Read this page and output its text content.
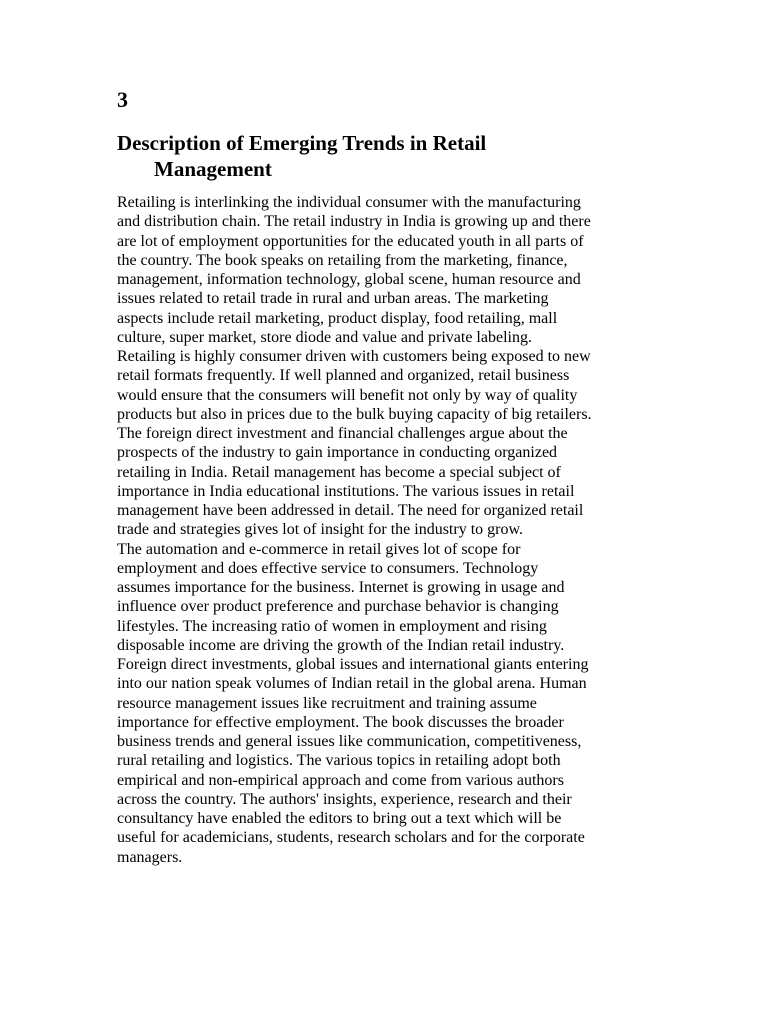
3
Description of Emerging Trends in Retail
Management
Retailing is interlinking the individual consumer with the manufacturing
and distribution chain. The retail industry in India is growing up and there
are lot of employment opportunities for the educated youth in all parts of
the country. The book speaks on retailing from the marketing, finance,
management, information technology, global scene, human resource and
issues related to retail trade in rural and urban areas. The marketing
aspects include retail marketing, product display, food retailing, mall
culture, super market, store diode and value and private labeling.
Retailing is highly consumer driven with customers being exposed to new
retail formats frequently. If well planned and organized, retail business
would ensure that the consumers will benefit not only by way of quality
products but also in prices due to the bulk buying capacity of big retailers.
The foreign direct investment and financial challenges argue about the
prospects of the industry to gain importance in conducting organized
retailing in India. Retail management has become a special subject of
importance in India educational institutions. The various issues in retail
management have been addressed in detail. The need for organized retail
trade and strategies gives lot of insight for the industry to grow.
The automation and e-commerce in retail gives lot of scope for
employment and does effective service to consumers. Technology
assumes importance for the business. Internet is growing in usage and
influence over product preference and purchase behavior is changing
lifestyles. The increasing ratio of women in employment and rising
disposable income are driving the growth of the Indian retail industry.
Foreign direct investments, global issues and international giants entering
into our nation speak volumes of Indian retail in the global arena. Human
resource management issues like recruitment and training assume
importance for effective employment. The book discusses the broader
business trends and general issues like communication, competitiveness,
rural retailing and logistics. The various topics in retailing adopt both
empirical and non-empirical approach and come from various authors
across the country. The authors' insights, experience, research and their
consultancy have enabled the editors to bring out a text which will be
useful for academicians, students, research scholars and for the corporate
managers.
